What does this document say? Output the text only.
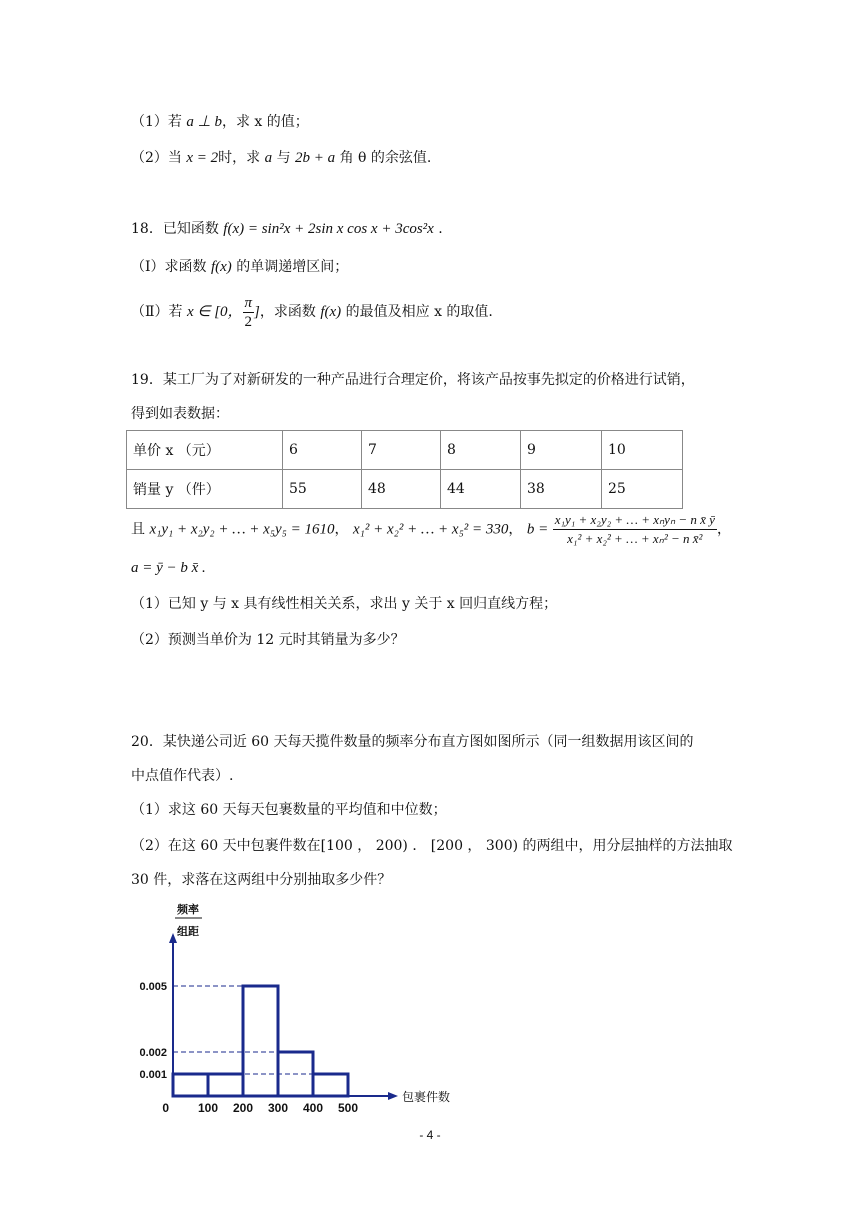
（1）若 a ⊥ b，求 x 的值；
（2）当 x = 2时，求 a 与 2b + a 角 θ 的余弦值.
18．已知函数 f(x) = sin²x + 2sin x cos x + 3cos²x .
（Ⅰ）求函数 f(x) 的单调递增区间；
（Ⅱ）若 x ∈ [0， $\frac{\pi}{2}$ ]，求函数 f(x) 的最值及相应 x 的取值.
19．某工厂为了对新研发的一种产品进行合理定价，将该产品按事先拟定的价格进行试销，
得到如表数据：
单价 x （元）	6	7	8	9	10
销量 y （件）	55	48	44	38	25
且 x₁y₁ + x₂y₂ + … + x₅y₅ = 1610， x₁² + x₂² + … + x₅² = 330， $b = \frac{\text{x₁y₁ + x₂y₂ + … + xₙyₙ − n x̄ ȳ}}{\text{x₁² + x₂² + … + xₙ² − n x̄²}}$ ，
a = ȳ − b x̄ .
（1）已知 y 与 x 具有线性相关关系，求出 y 关于 x 回归直线方程；
（2）预测当单价为 12 元时其销量为多少？
20．某快递公司近 60 天每天揽件数量的频率分布直方图如图所示（同一组数据用该区间的
中点值作代表）.
（1）求这 60 天每天包裹数量的平均值和中位数；
（2）在这 60 天中包裹件数在[100 ， 200) ． [200 ， 300) 的两组中，用分层抽样的方法抽取
30 件，求落在这两组中分别抽取多少件？
频率
组距
0.001
0.002
0.005
0 100 200 300 400 500
包裹件数
- 4 -
